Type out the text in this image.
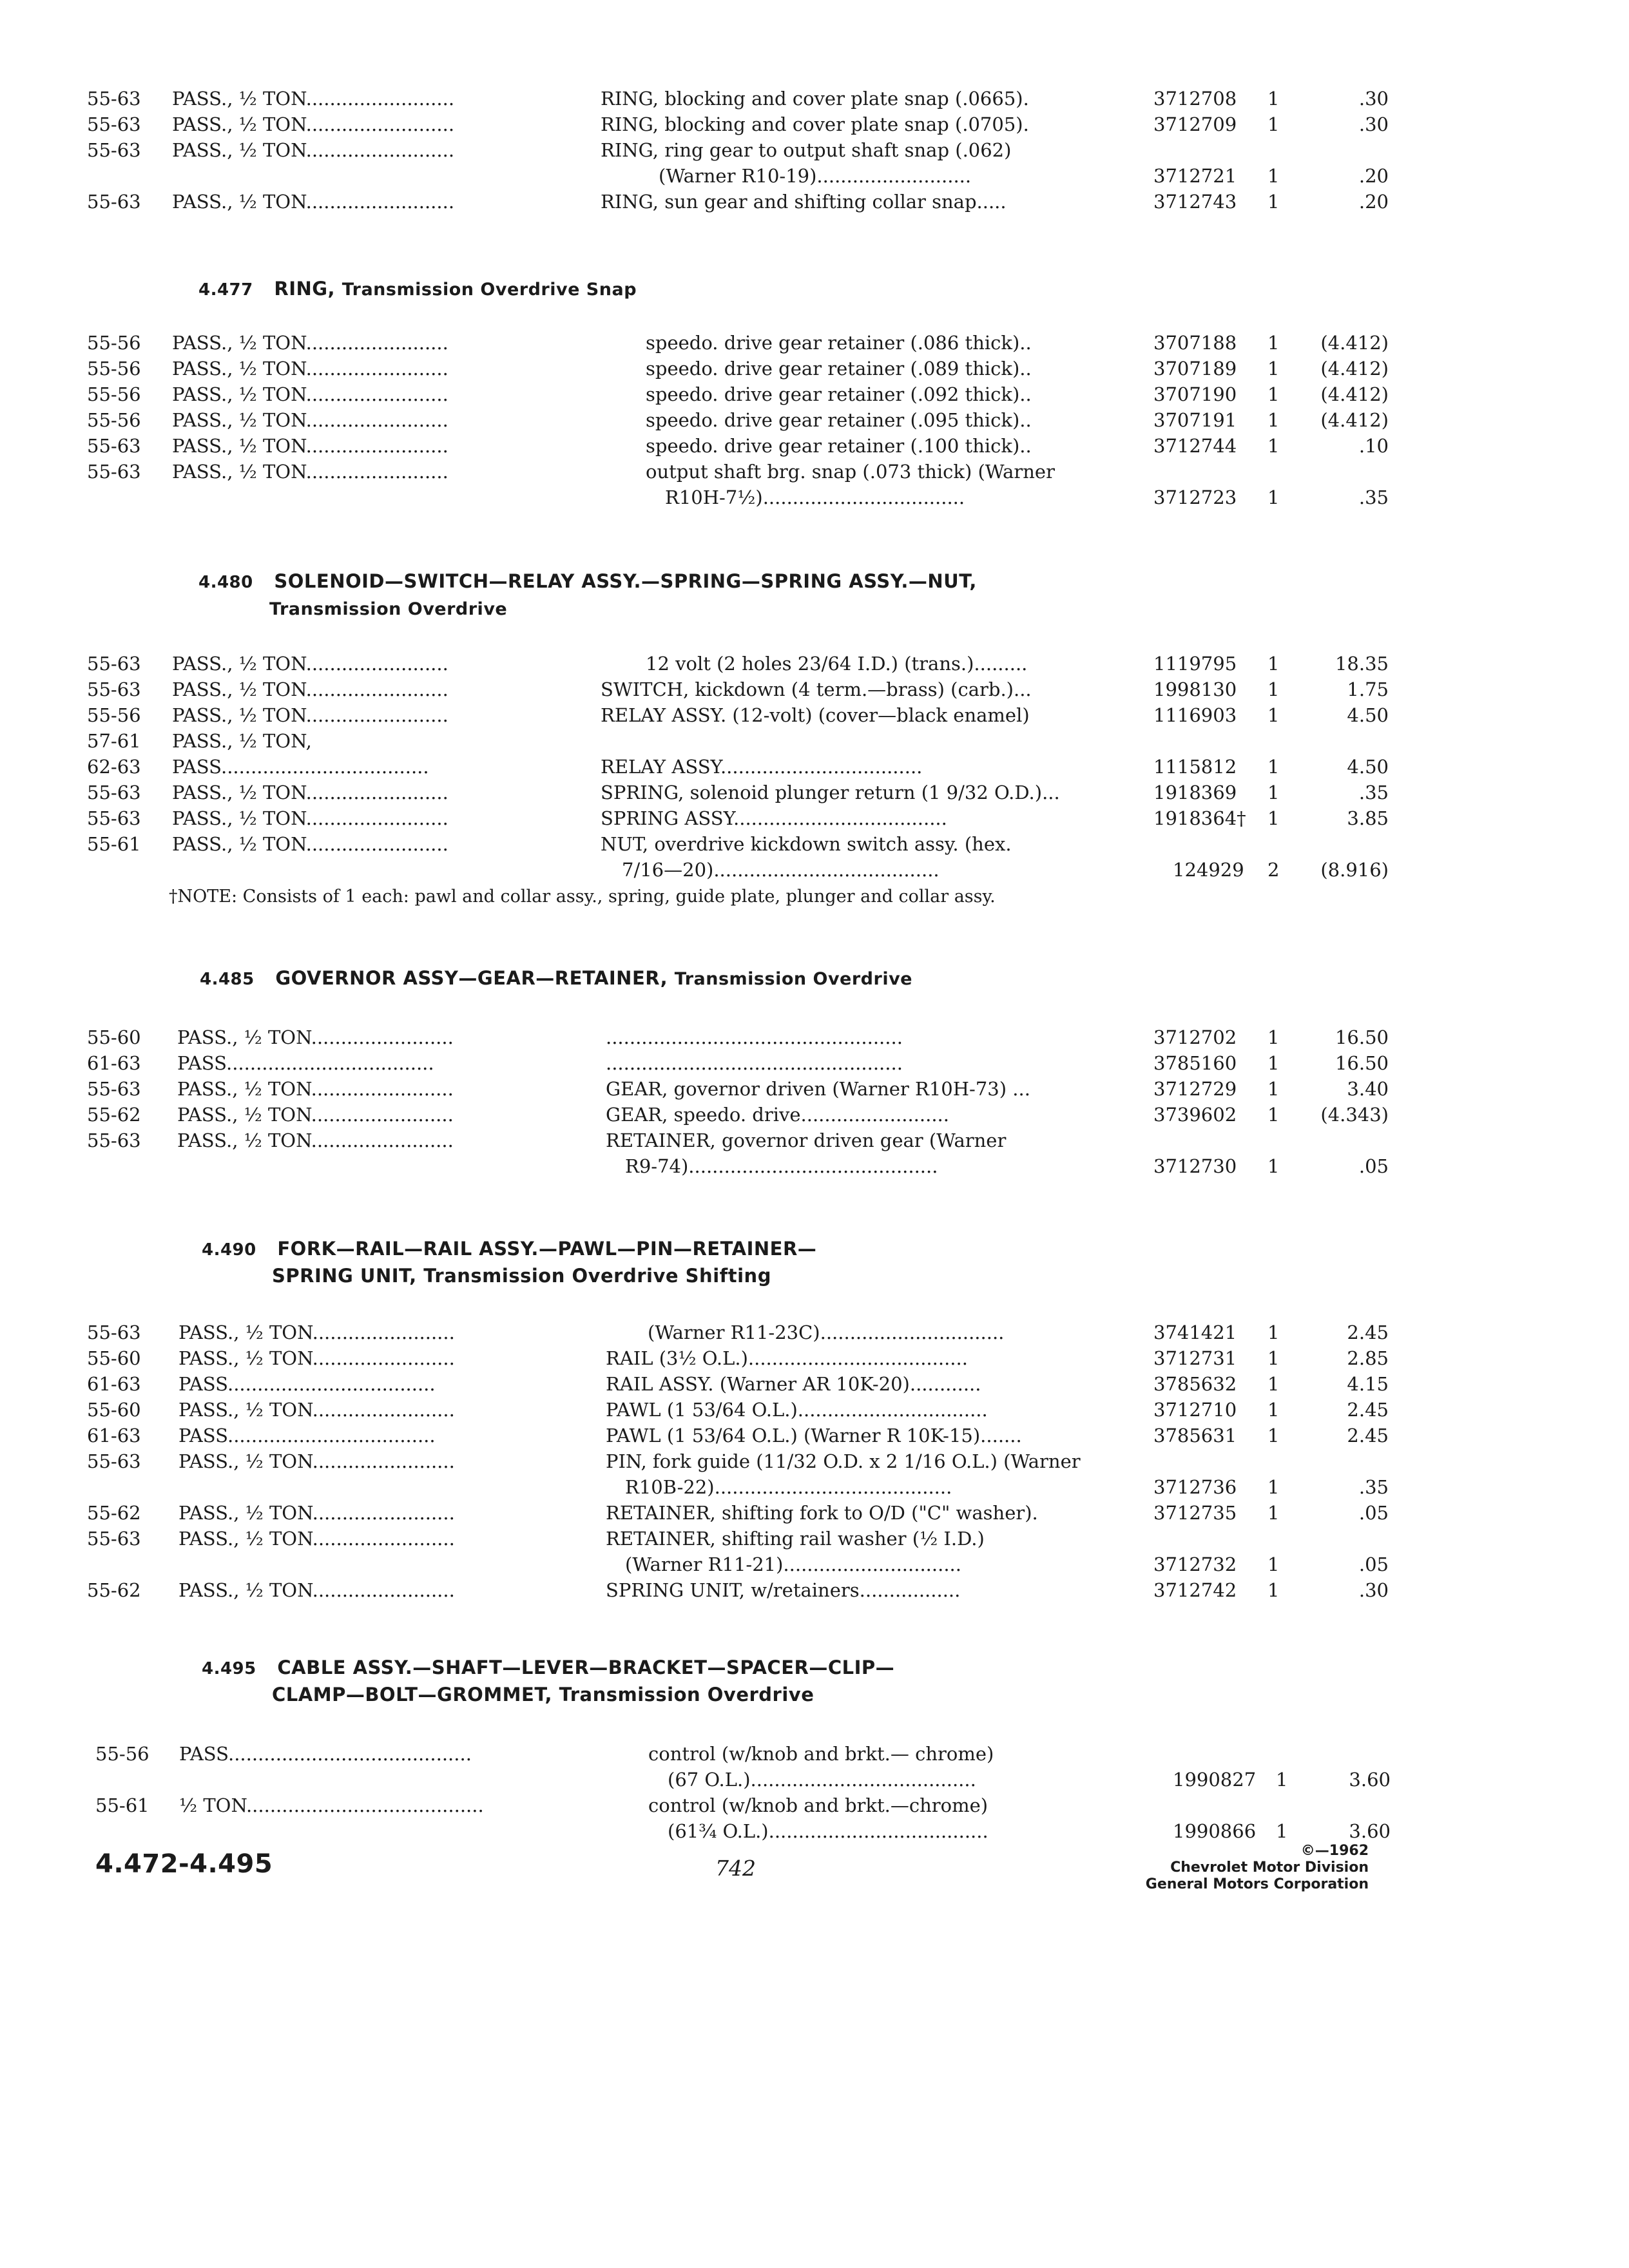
55-63	PASS., ½ TON.........................	RING, blocking and cover plate snap (.0665).	3712708	1	.30
55-63	PASS., ½ TON.........................	RING, blocking and cover plate snap (.0705).	3712709	1	.30
55-63	PASS., ½ TON.........................	RING, ring gear to output shaft snap (.062)
(Warner R10-19)..........................	3712721	1	.20
55-63	PASS., ½ TON.........................	RING, sun gear and shifting collar snap.....	3712743	1	.20
4.477 RING, Transmission Overdrive Snap
55-56	PASS., ½ TON........................	speedo. drive gear retainer (.086 thick)..	3707188	1	(4.412)
55-56	PASS., ½ TON........................	speedo. drive gear retainer (.089 thick)..	3707189	1	(4.412)
55-56	PASS., ½ TON........................	speedo. drive gear retainer (.092 thick)..	3707190	1	(4.412)
55-56	PASS., ½ TON........................	speedo. drive gear retainer (.095 thick)..	3707191	1	(4.412)
55-63	PASS., ½ TON........................	speedo. drive gear retainer (.100 thick)..	3712744	1	.10
55-63	PASS., ½ TON........................	output shaft brg. snap (.073 thick) (Warner
R10H-7½)..................................	3712723	1	.35
4.480 SOLENOID—SWITCH—RELAY ASSY.—SPRING—SPRING ASSY.—NUT,
Transmission Overdrive
55-63	PASS., ½ TON........................	12 volt (2 holes 23/64 I.D.) (trans.).........	1119795	1	18.35
55-63	PASS., ½ TON........................	SWITCH, kickdown (4 term.—brass) (carb.)...	1998130	1	1.75
55-56	PASS., ½ TON........................	RELAY ASSY. (12-volt) (cover—black enamel)	1116903	1	4.50
57-61	PASS., ½ TON,
62-63	PASS...................................	RELAY ASSY..................................	1115812	1	4.50
55-63	PASS., ½ TON........................	SPRING, solenoid plunger return (1 9/32 O.D.)...	1918369	1	.35
55-63	PASS., ½ TON........................	SPRING ASSY....................................	1918364†	1	3.85
55-61	PASS., ½ TON........................	NUT, overdrive kickdown switch assy. (hex.
7/16—20)......................................	124929	2	(8.916)
†NOTE: Consists of 1 each: pawl and collar assy., spring, guide plate, plunger and collar assy.
4.485 GOVERNOR ASSY—GEAR—RETAINER, Transmission Overdrive
55-60	PASS., ½ TON........................	..................................................	3712702	1	16.50
61-63	PASS...................................	..................................................	3785160	1	16.50
55-63	PASS., ½ TON........................	GEAR, governor driven (Warner R10H-73) ...	3712729	1	3.40
55-62	PASS., ½ TON........................	GEAR, speedo. drive.........................	3739602	1	(4.343)
55-63	PASS., ½ TON........................	RETAINER, governor driven gear (Warner
R9-74)..........................................	3712730	1	.05
4.490 FORK—RAIL—RAIL ASSY.—PAWL—PIN—RETAINER—
SPRING UNIT, Transmission Overdrive Shifting
55-63	PASS., ½ TON........................	(Warner R11-23C)...............................	3741421	1	2.45
55-60	PASS., ½ TON........................	RAIL (3½ O.L.).....................................	3712731	1	2.85
61-63	PASS...................................	RAIL ASSY. (Warner AR 10K-20)............	3785632	1	4.15
55-60	PASS., ½ TON........................	PAWL (1 53/64 O.L.)................................	3712710	1	2.45
61-63	PASS...................................	PAWL (1 53/64 O.L.) (Warner R 10K-15).......	3785631	1	2.45
55-63	PASS., ½ TON........................	PIN, fork guide (11/32 O.D. x 2 1/16 O.L.) (Warner
R10B-22)........................................	3712736	1	.35
55-62	PASS., ½ TON........................	RETAINER, shifting fork to O/D ("C" washer).	3712735	1	.05
55-63	PASS., ½ TON........................	RETAINER, shifting rail washer (½ I.D.)
(Warner R11-21)..............................	3712732	1	.05
55-62	PASS., ½ TON........................	SPRING UNIT, w/retainers.................	3712742	1	.30
4.495 CABLE ASSY.—SHAFT—LEVER—BRACKET—SPACER—CLIP—
CLAMP—BOLT—GROMMET, Transmission Overdrive
55-56	PASS.........................................	control (w/knob and brkt.— chrome)
(67 O.L.)......................................	1990827	1	3.60
55-61	½ TON........................................	control (w/knob and brkt.—chrome)
(61¾ O.L.).....................................	1990866	1	3.60
4.472-4.495	742
©—1962
Chevrolet Motor Division
General Motors Corporation
